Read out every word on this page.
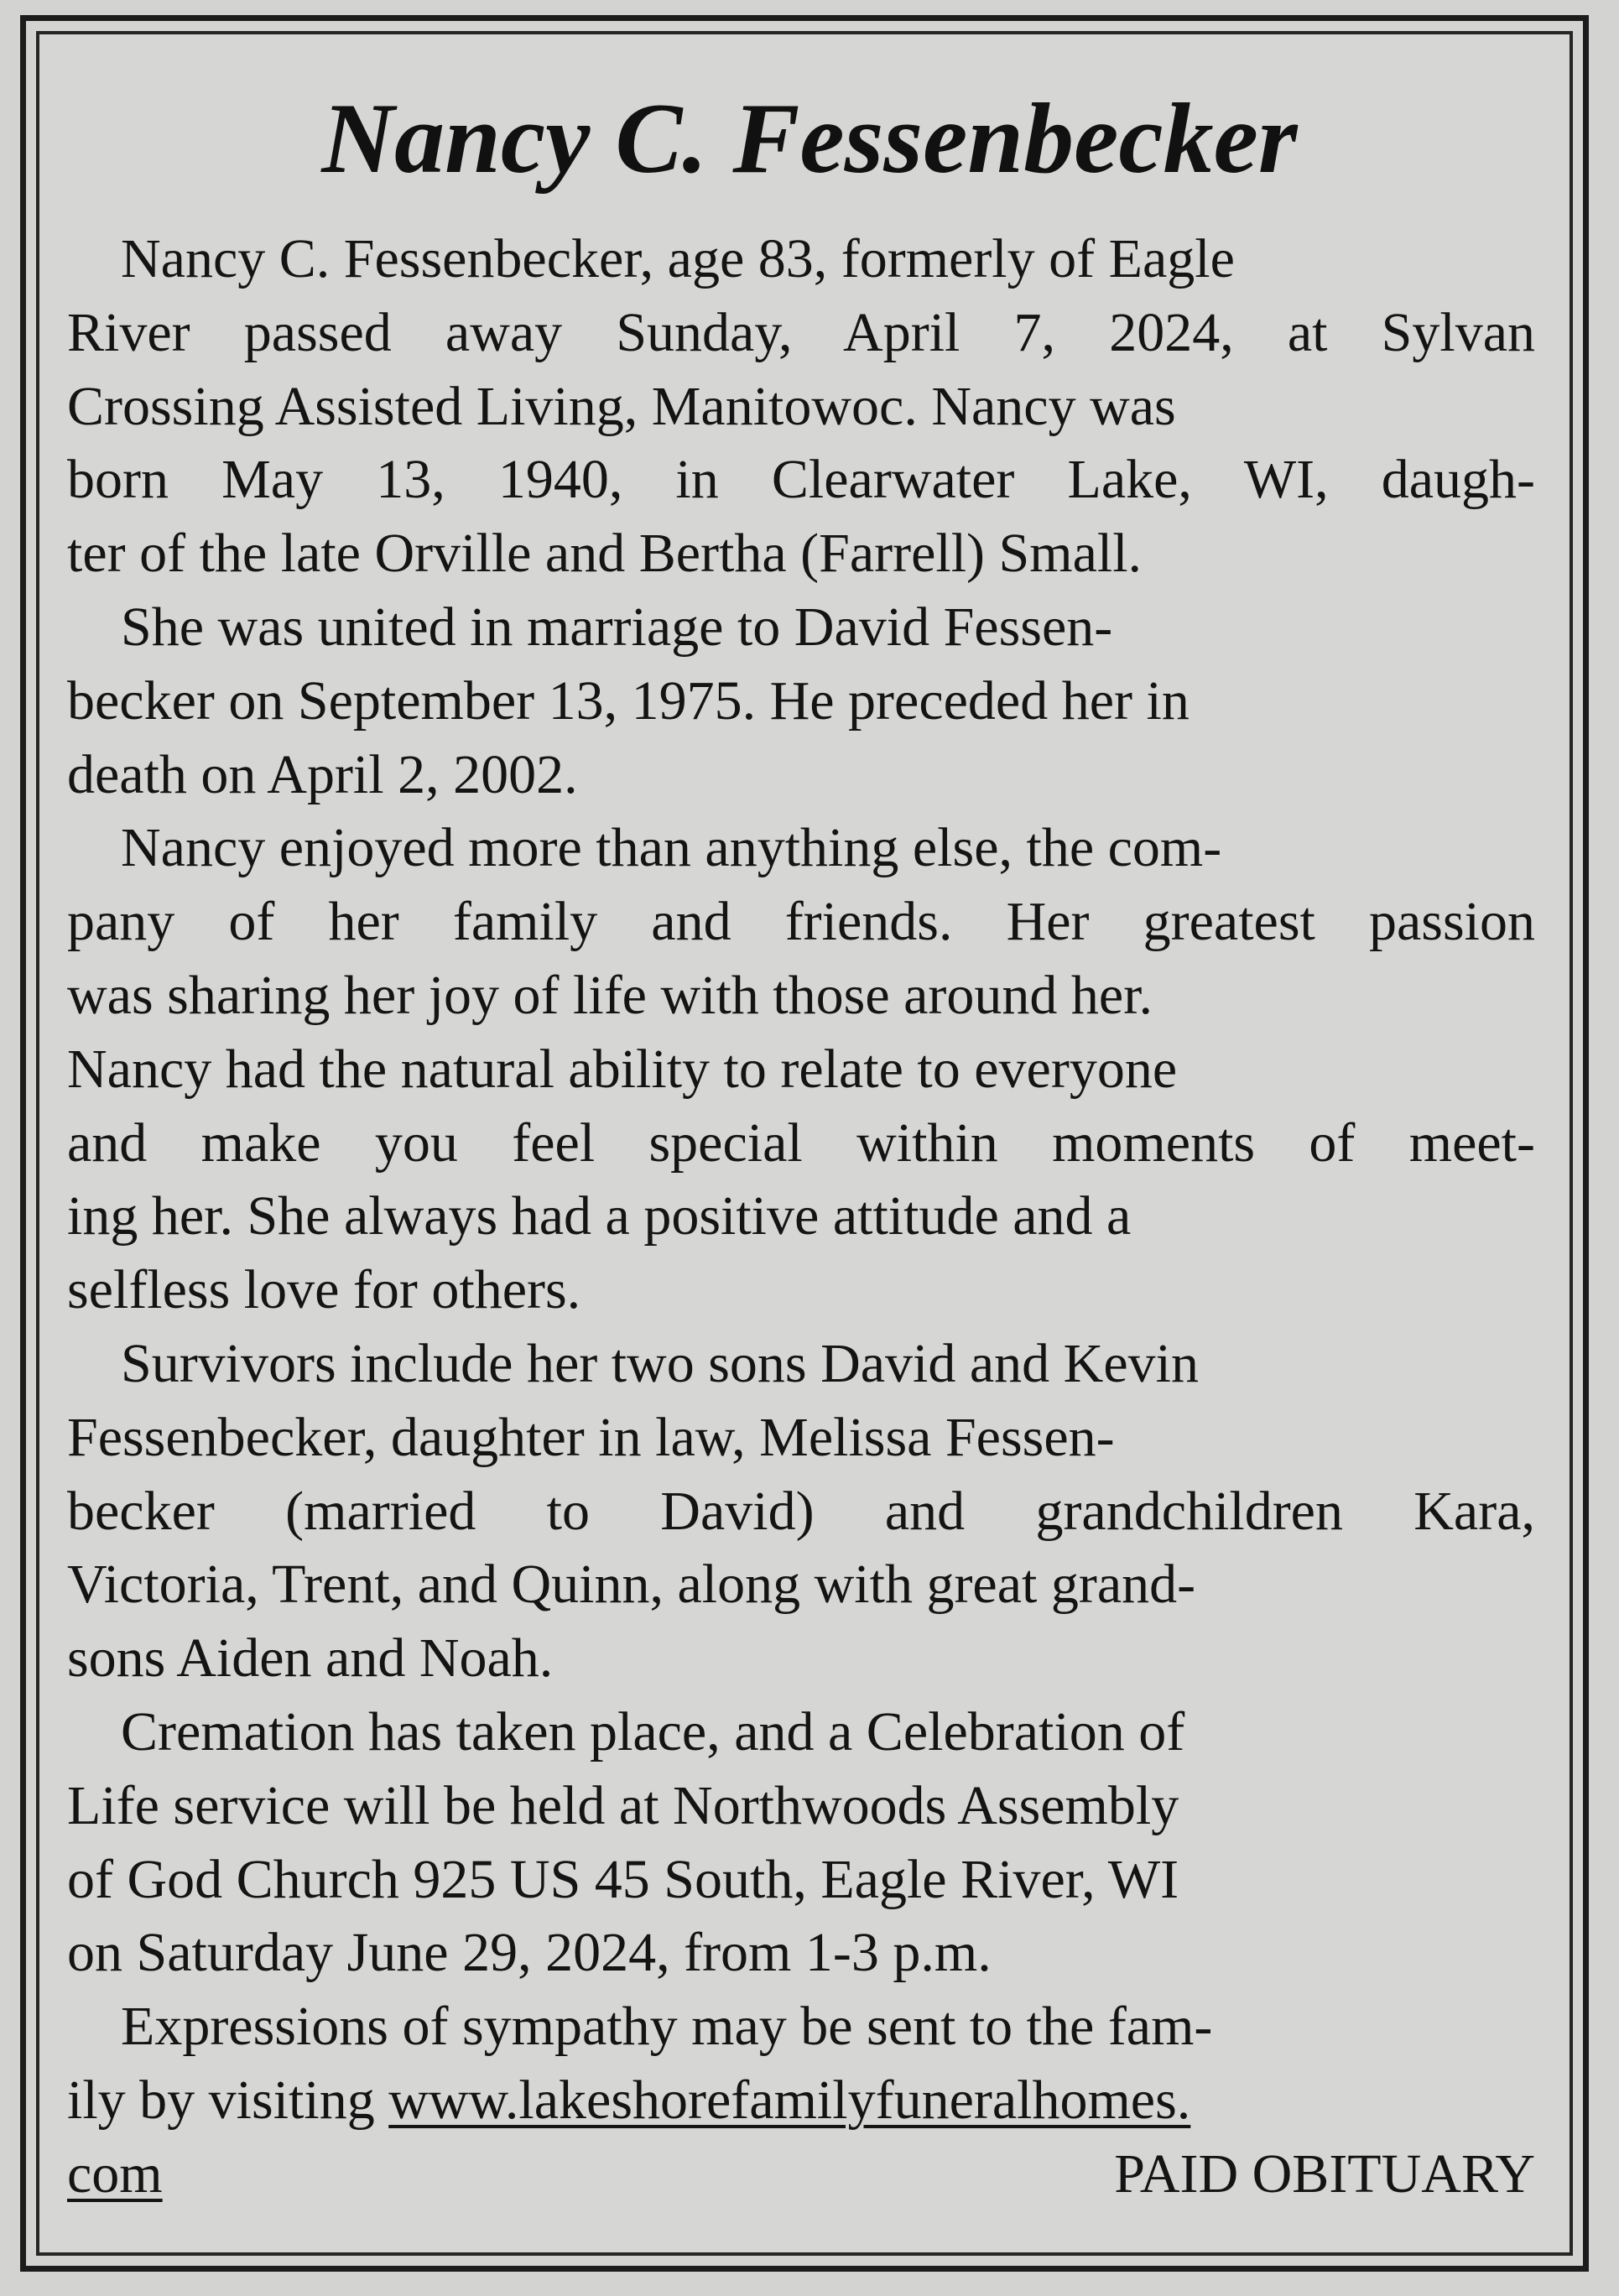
Nancy C. Fessenbecker
Nancy C. Fessenbecker, age 83, formerly of Eagle
River passed away Sunday, April 7, 2024, at Sylvan
Crossing Assisted Living, Manitowoc. Nancy was
born May 13, 1940, in Clearwater Lake, WI, daugh-
ter of the late Orville and Bertha (Farrell) Small.
She was united in marriage to David Fessen-
becker on September 13, 1975. He preceded her in
death on April 2, 2002.
Nancy enjoyed more than anything else, the com-
pany of her family and friends. Her greatest passion
was sharing her joy of life with those around her.
Nancy had the natural ability to relate to everyone
and make you feel special within moments of meet-
ing her. She always had a positive attitude and a
selfless love for others.
Survivors include her two sons David and Kevin
Fessenbecker, daughter in law, Melissa Fessen-
becker (married to David) and grandchildren Kara,
Victoria, Trent, and Quinn, along with great grand-
sons Aiden and Noah.
Cremation has taken place, and a Celebration of
Life service will be held at Northwoods Assembly
of God Church 925 US 45 South, Eagle River, WI
on Saturday June 29, 2024, from 1-3 p.m.
Expressions of sympathy may be sent to the fam-
ily by visiting www.lakeshorefamilyfuneralhomes.
com	PAID OBITUARY
